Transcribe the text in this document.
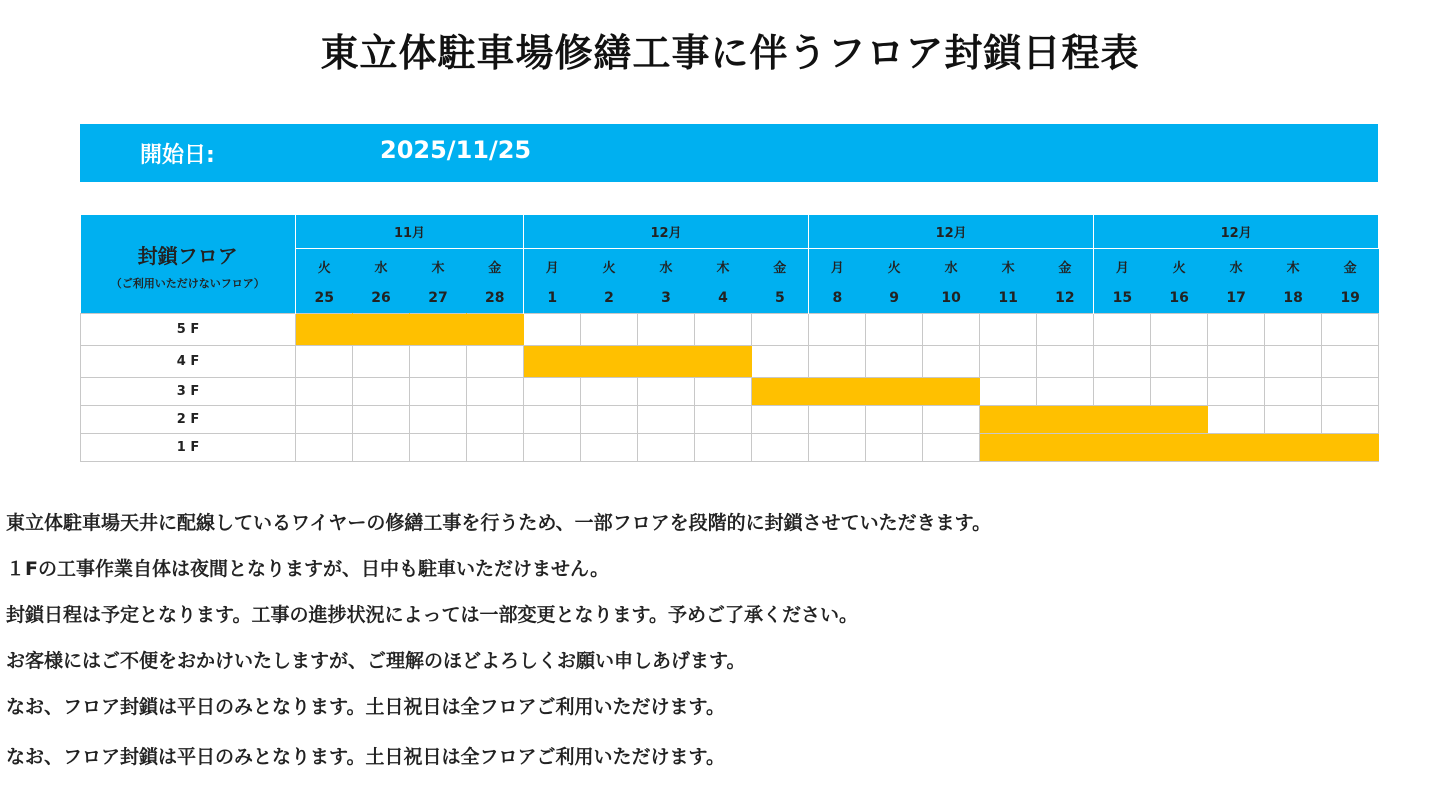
東立体駐車場修繕工事に伴うフロア封鎖日程表
開始日:	2025/11/25
封鎖フロア
（ご利用いただけないフロア）	11月				12月					12月					12月				
	火	水	木	金	月	火	水	木	金	月	火	水	木	金	月	火	水	木	金
	25	26	27	28	1	2	3	4	5	8	9	10	11	12	15	16	17	18	19
5 F																			
4 F																			
3 F																			
2 F																			
1 F																			
東立体駐車場天井に配線しているワイヤーの修繕工事を行うため、一部フロアを段階的に封鎖させていただきます。
１Fの工事作業自体は夜間となりますが、日中も駐車いただけません。
封鎖日程は予定となります。工事の進捗状況によっては一部変更となります。予めご了承ください。
お客様にはご不便をおかけいたしますが、ご理解のほどよろしくお願い申しあげます。
なお、フロア封鎖は平日のみとなります。土日祝日は全フロアご利用いただけます。
なお、フロア封鎖は平日のみとなります。土日祝日は全フロアご利用いただけます。
